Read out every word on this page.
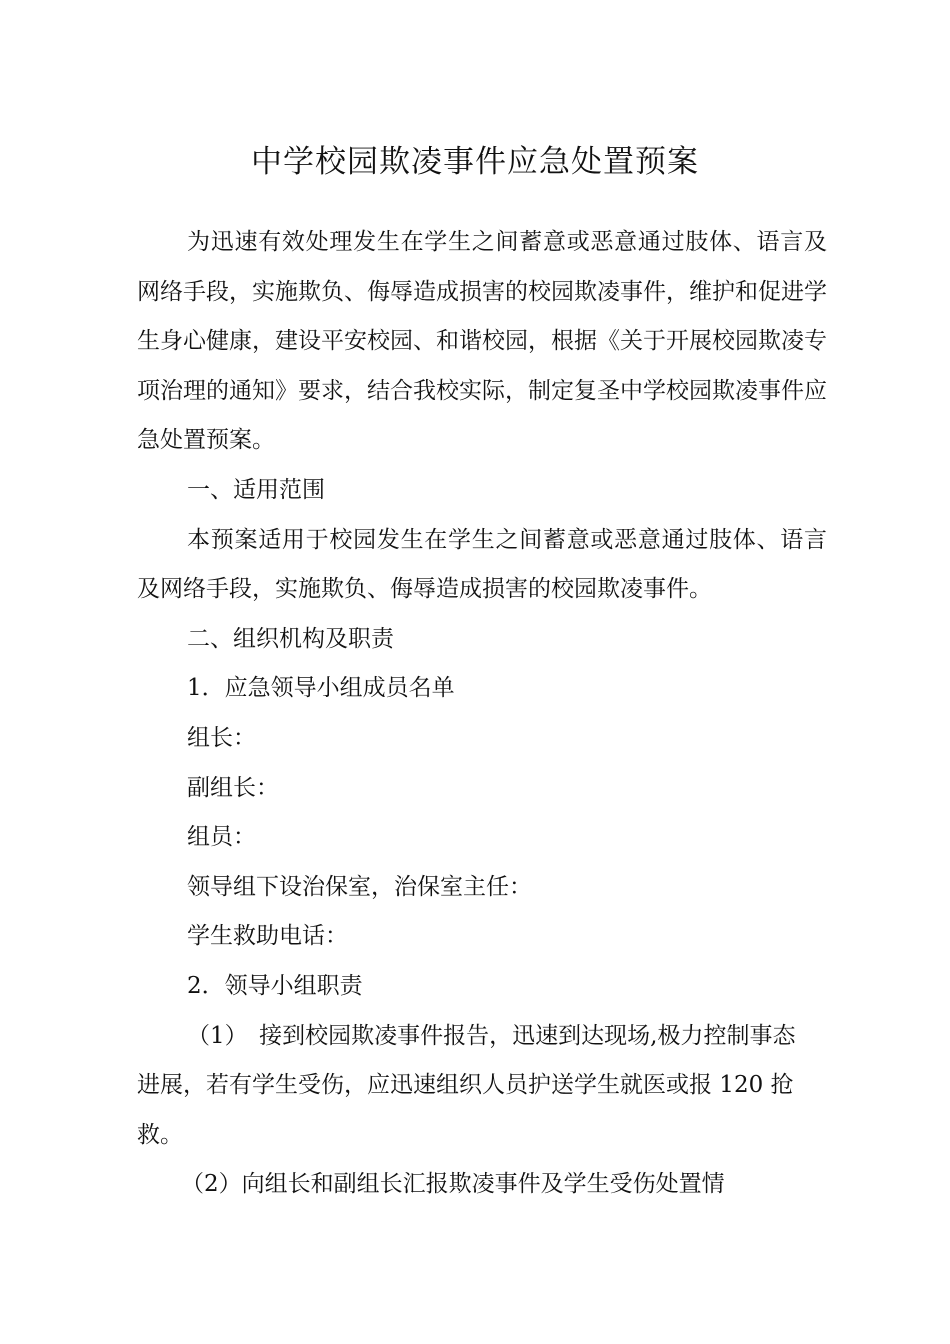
中学校园欺凌事件应急处置预案

为迅速有效处理发生在学生之间蓄意或恶意通过肢体、语言及网络手段，实施欺负、侮辱造成损害的校园欺凌事件，维护和促进学生身心健康，建设平安校园、和谐校园，根据《关于开展校园欺凌专项治理的通知》要求，结合我校实际，制定复圣中学校园欺凌事件应急处置预案。

一、适用范围

本预案适用于校园发生在学生之间蓄意或恶意通过肢体、语言及网络手段，实施欺负、侮辱造成损害的校园欺凌事件。

二、组织机构及职责

1．应急领导小组成员名单

组长：

副组长：

组员：

领导组下设治保室，治保室主任：

学生救助电话：

2．领导小组职责

（1）　接到校园欺凌事件报告，迅速到达现场,极力控制事态
进展，若有学生受伤，应迅速组织人员护送学生就医或报 120 抢
救。

（2）向组长和副组长汇报欺凌事件及学生受伤处置情
